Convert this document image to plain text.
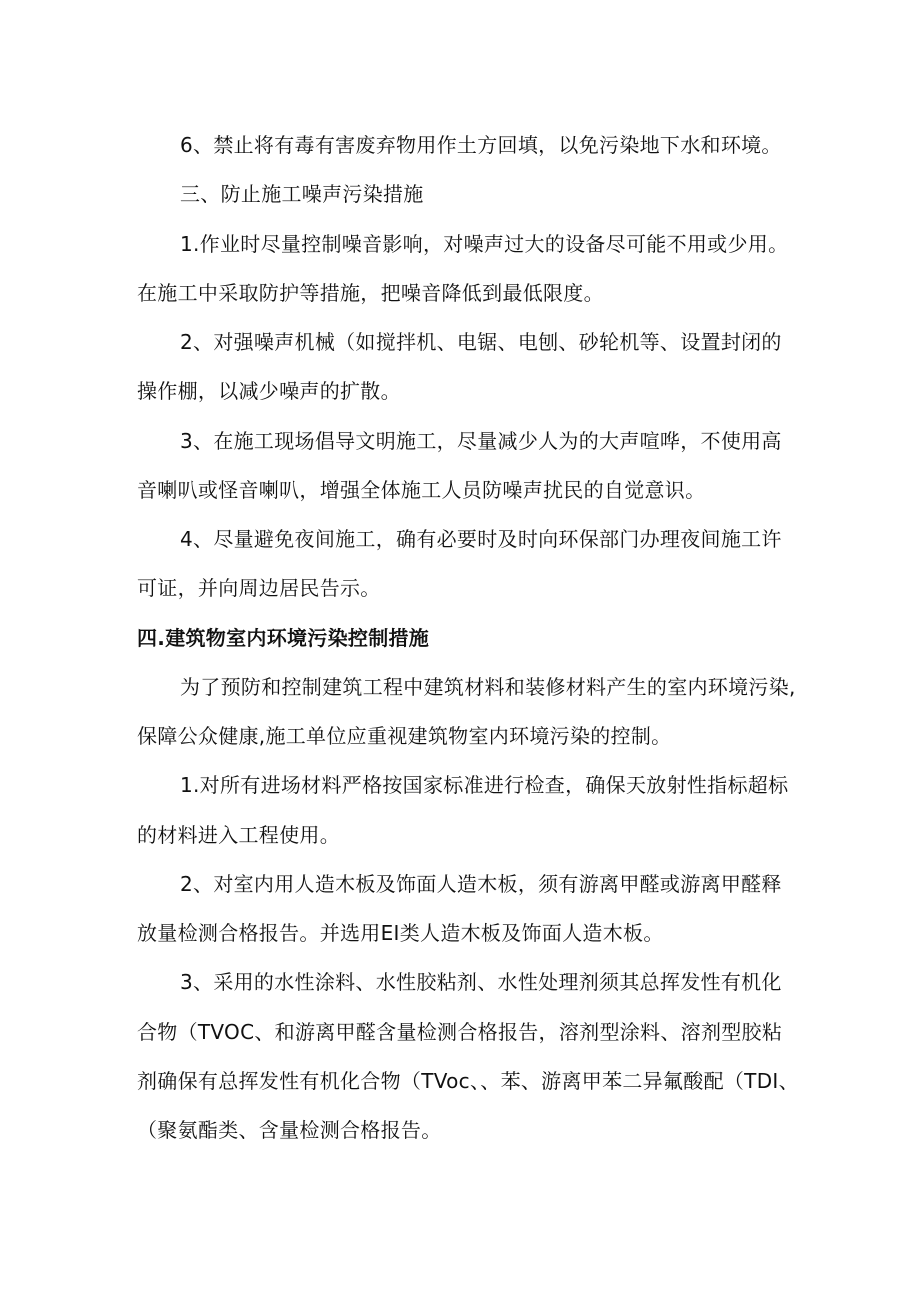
6、禁止将有毒有害废弃物用作土方回填，以免污染地下水和环境。

三、防止施工噪声污染措施

1.作业时尽量控制噪音影响，对噪声过大的设备尽可能不用或少用。

在施工中采取防护等措施，把噪音降低到最低限度。

2、对强噪声机械（如搅拌机、电锯、电刨、砂轮机等、设置封闭的

操作棚，以减少噪声的扩散。

3、在施工现场倡导文明施工，尽量减少人为的大声喧哗，不使用高

音喇叭或怪音喇叭，增强全体施工人员防噪声扰民的自觉意识。

4、尽量避免夜间施工，确有必要时及时向环保部门办理夜间施工许

可证，并向周边居民告示。

四.建筑物室内环境污染控制措施

为了预防和控制建筑工程中建筑材料和装修材料产生的室内环境污染,

保障公众健康,施工单位应重视建筑物室内环境污染的控制。

1.对所有进场材料严格按国家标准进行检查，确保天放射性指标超标

的材料进入工程使用。

2、对室内用人造木板及饰面人造木板，须有游离甲醛或游离甲醛释

放量检测合格报告。并选用EI类人造木板及饰面人造木板。

3、采用的水性涂料、水性胶粘剂、水性处理剂须其总挥发性有机化

合物（TVOC、和游离甲醛含量检测合格报告，溶剂型涂料、溶剂型胶粘

剂确保有总挥发性有机化合物（TVoc、、苯、游离甲苯二异氟酸配（TDI、

（聚氨酯类、含量检测合格报告。
